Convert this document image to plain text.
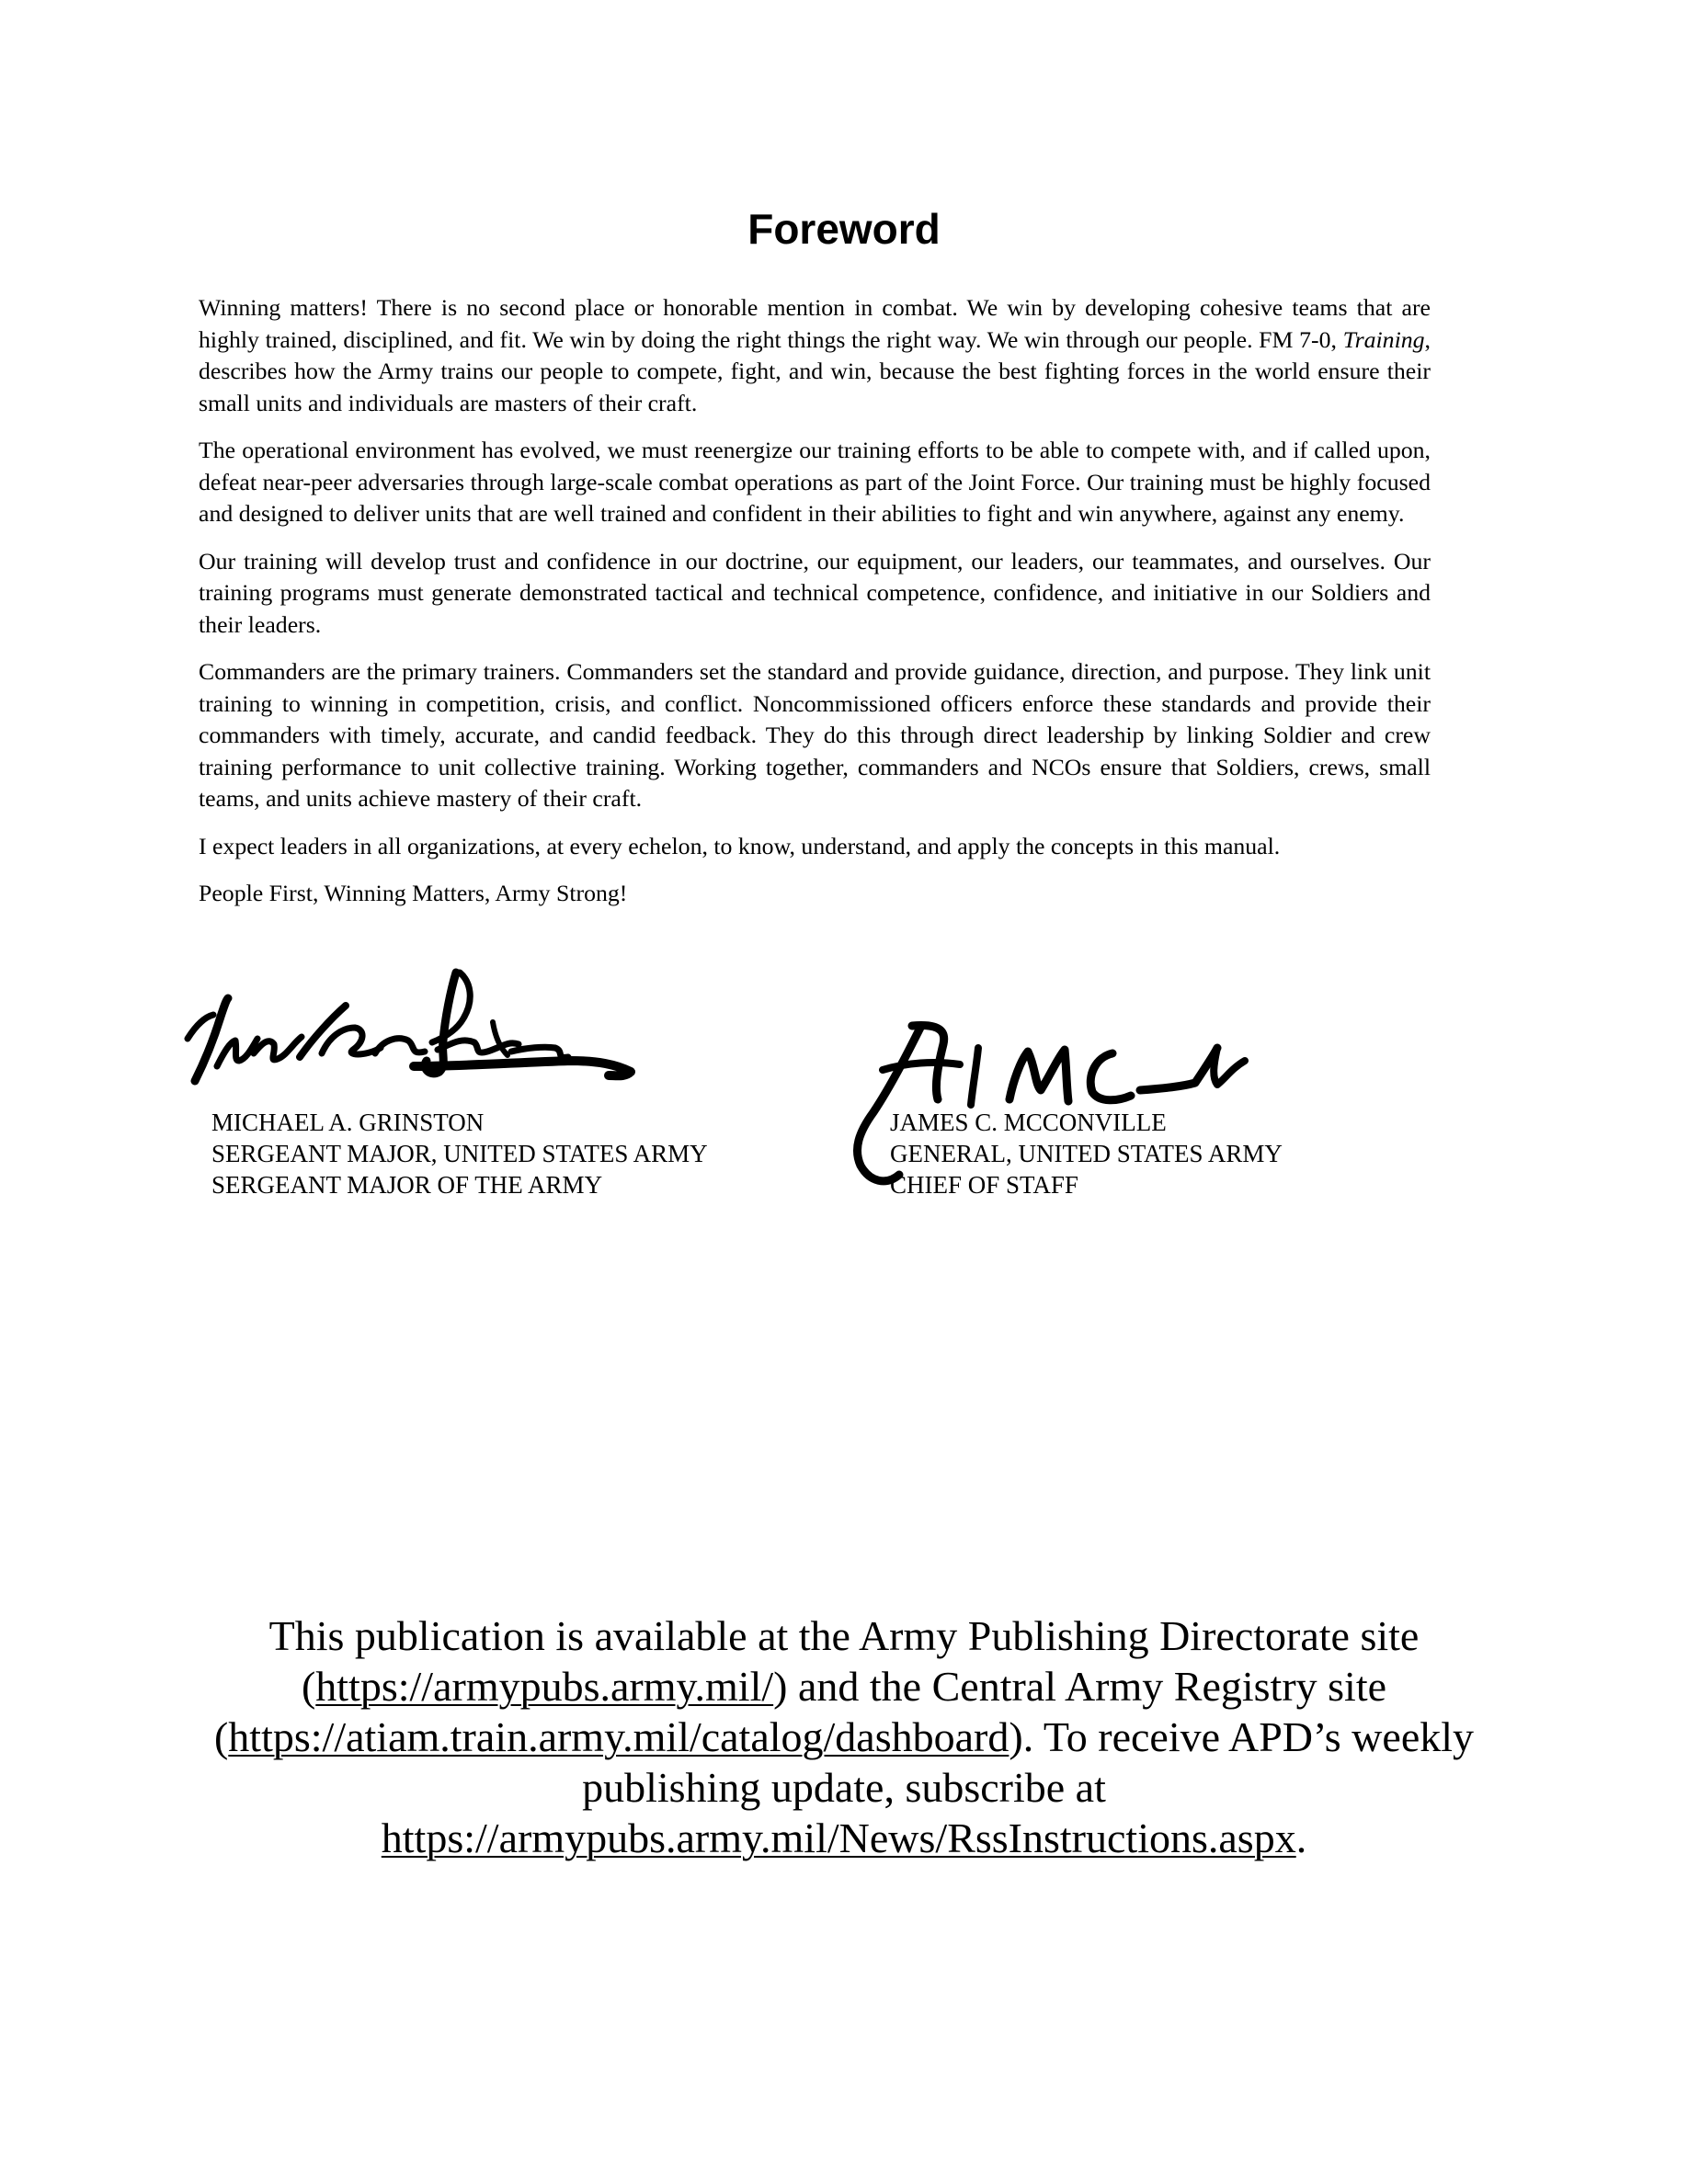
Foreword

Winning matters! There is no second place or honorable mention in combat. We win by developing cohesive teams that are highly trained, disciplined, and fit. We win by doing the right things the right way. We win through our people. FM 7-0, Training, describes how the Army trains our people to compete, fight, and win, because the best fighting forces in the world ensure their small units and individuals are masters of their craft.

The operational environment has evolved, we must reenergize our training efforts to be able to compete with, and if called upon, defeat near-peer adversaries through large-scale combat operations as part of the Joint Force. Our training must be highly focused and designed to deliver units that are well trained and confident in their abilities to fight and win anywhere, against any enemy.

Our training will develop trust and confidence in our doctrine, our equipment, our leaders, our teammates, and ourselves. Our training programs must generate demonstrated tactical and technical competence, confidence, and initiative in our Soldiers and their leaders.

Commanders are the primary trainers. Commanders set the standard and provide guidance, direction, and purpose. They link unit training to winning in competition, crisis, and conflict. Noncommissioned officers enforce these standards and provide their commanders with timely, accurate, and candid feedback. They do this through direct leadership by linking Soldier and crew training performance to unit collective training. Working together, commanders and NCOs ensure that Soldiers, crews, small teams, and units achieve mastery of their craft.

I expect leaders in all organizations, at every echelon, to know, understand, and apply the concepts in this manual.

People First, Winning Matters, Army Strong!

MICHAEL A. GRINSTON
SERGEANT MAJOR, UNITED STATES ARMY
SERGEANT MAJOR OF THE ARMY
JAMES C. MCCONVILLE
GENERAL, UNITED STATES ARMY
CHIEF OF STAFF
This publication is available at the Army Publishing Directorate site (https://armypubs.army.mil/) and the Central Army Registry site (https://atiam.train.army.mil/catalog/dashboard). To receive APD’s weekly publishing update, subscribe at https://armypubs.army.mil/News/RssInstructions.aspx.
